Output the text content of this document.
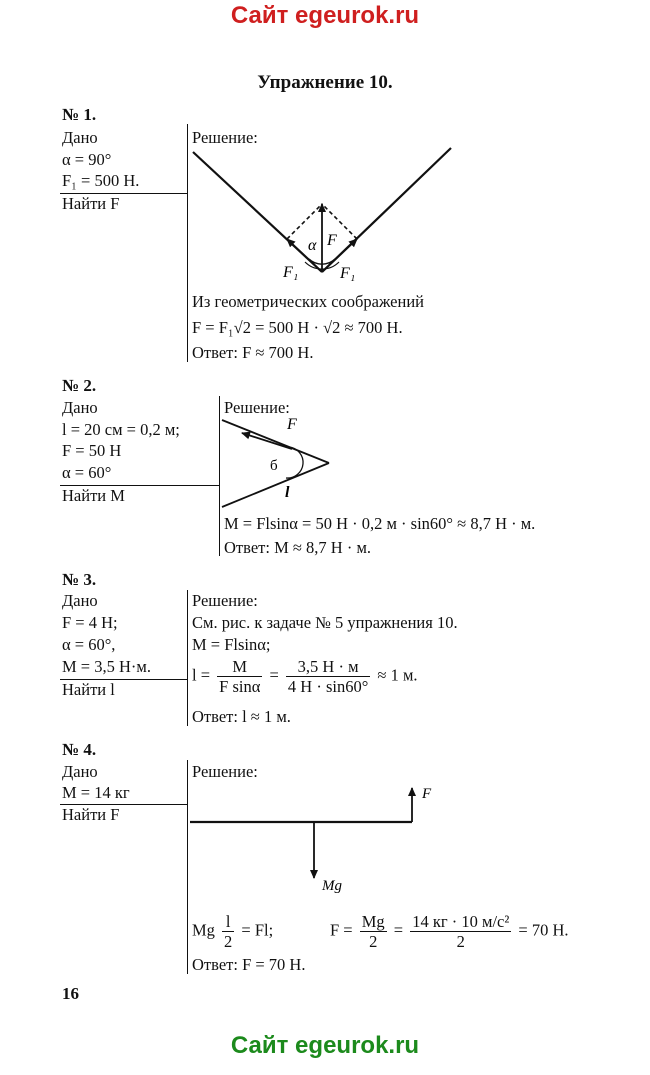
Сайт egeurok.ru
Упражнение 10.
№ 1.
Дано
α = 90°
F₁ = 500 Н.
Найти F
Решение:
α F
F₁	F₁
Из геометрических соображений
F = F₁√2 = 500 Н · √2 ≈ 700 Н.
Ответ: F ≈ 700 Н.
№ 2.
Дано
l = 20 см = 0,2 м;
F = 50 Н
α = 60°
Найти M
Решение:
F
б
l
M = Flsinα = 50 Н · 0,2 м · sin60° ≈ 8,7 Н · м.
Ответ: M ≈ 8,7 Н · м.
№ 3.
Дано
F = 4 Н;
α = 60°,
M = 3,5 Н·м.
Найти l
Решение:
См. рис. к задаче № 5 упражнения 10.
M = Flsinα;
$l = \frac{M}{\text{F sinα}} = \frac{3,5 Н \cdot м}{4 Н \cdot \sin 60^\circ} \approx 1$ м.
Ответ: l ≈ 1 м.
№ 4.
Дано
M = 14 кг
Найти F
Решение:
F
Mg
Mg $\frac{l}{2} = Fl$;	$F = \frac{Mg}{2} = \frac{\text{14 кг · 10 м/с²}}{2} = 70$ Н.
Ответ: F = 70 Н.
16
Сайт egeurok.ru
